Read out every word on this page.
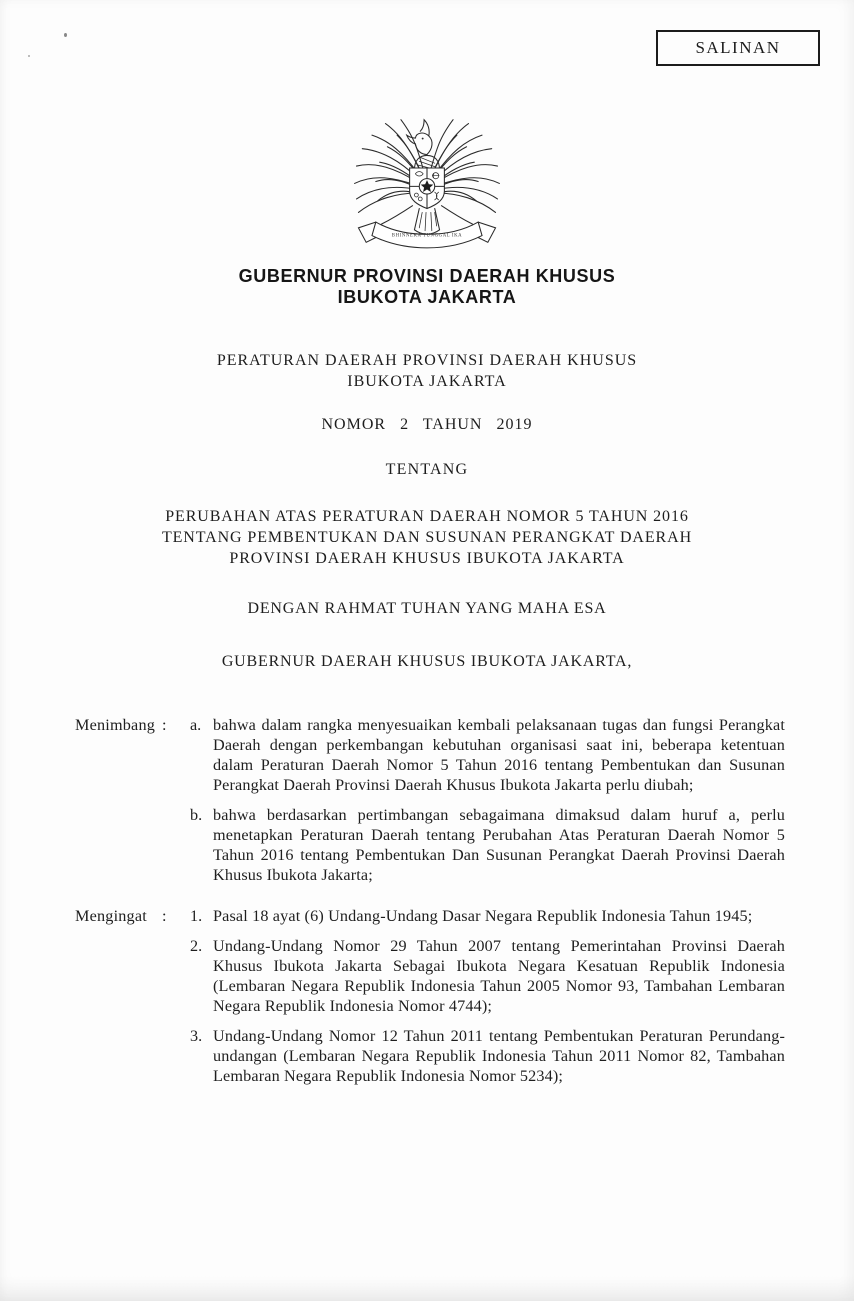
SALINAN
BHINNEKA TUNGGAL IKA
GUBERNUR PROVINSI DAERAH KHUSUS
IBUKOTA JAKARTA
PERATURAN DAERAH PROVINSI DAERAH KHUSUS
IBUKOTA JAKARTA
NOMOR 2 TAHUN 2019
TENTANG
PERUBAHAN ATAS PERATURAN DAERAH NOMOR 5 TAHUN 2016
TENTANG PEMBENTUKAN DAN SUSUNAN PERANGKAT DAERAH
PROVINSI DAERAH KHUSUS IBUKOTA JAKARTA
DENGAN RAHMAT TUHAN YANG MAHA ESA
GUBERNUR DAERAH KHUSUS IBUKOTA JAKARTA,
Menimbang : a. bahwa dalam rangka menyesuaikan kembali pelaksanaan tugas dan fungsi Perangkat Daerah dengan perkembangan kebutuhan organisasi saat ini, beberapa ketentuan dalam Peraturan Daerah Nomor 5 Tahun 2016 tentang Pembentukan dan Susunan Perangkat Daerah Provinsi Daerah Khusus Ibukota Jakarta perlu diubah;
b. bahwa berdasarkan pertimbangan sebagaimana dimaksud dalam huruf a, perlu menetapkan Peraturan Daerah tentang Perubahan Atas Peraturan Daerah Nomor 5 Tahun 2016 tentang Pembentukan Dan Susunan Perangkat Daerah Provinsi Daerah Khusus Ibukota Jakarta;
Mengingat : 1. Pasal 18 ayat (6) Undang-Undang Dasar Negara Republik Indonesia Tahun 1945;
2. Undang-Undang Nomor 29 Tahun 2007 tentang Pemerintahan Provinsi Daerah Khusus Ibukota Jakarta Sebagai Ibukota Negara Kesatuan Republik Indonesia (Lembaran Negara Republik Indonesia Tahun 2005 Nomor 93, Tambahan Lembaran Negara Republik Indonesia Nomor 4744);
3. Undang-Undang Nomor 12 Tahun 2011 tentang Pembentukan Peraturan Perundang-undangan (Lembaran Negara Republik Indonesia Tahun 2011 Nomor 82, Tambahan Lembaran Negara Republik Indonesia Nomor 5234);
